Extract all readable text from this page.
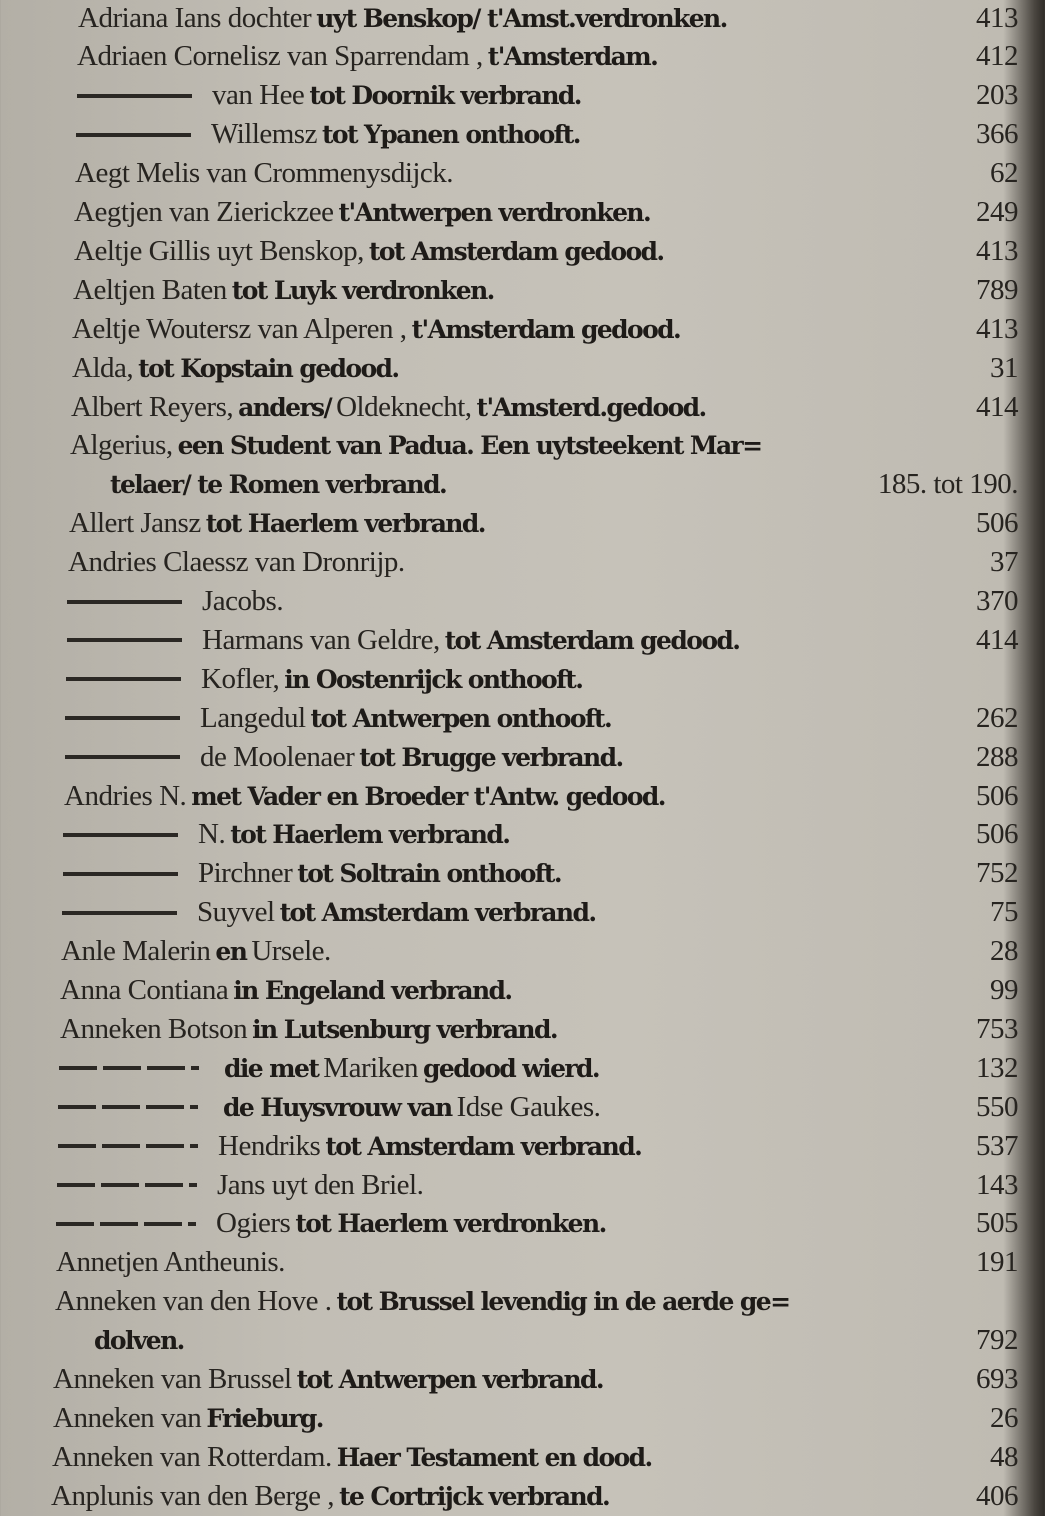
Adriana Ians dochter uyt Benskop/ t'Amst.verdronken.	413
Adriaen Cornelisz van Sparrendam , t'Amsterdam.	412
van Hee tot Doornik verbrand.	203
Willemsz tot Ypanen onthooft.	366
Aegt Melis van Crommenysdijck.	62
Aegtjen van Zierickzee t'Antwerpen verdronken.	249
Aeltje Gillis uyt Benskop, tot Amsterdam gedood.	413
Aeltjen Baten tot Luyk verdronken.	789
Aeltje Woutersz van Alperen , t'Amsterdam gedood.	413
Alda, tot Kopstain gedood.	31
Albert Reyers, anders/ Oldeknecht, t'Amsterd.gedood.	414
Algerius, een Student van Padua. Een uytsteekent Mar=
telaer/ te Romen verbrand.	185. tot 190.
Allert Jansz tot Haerlem verbrand.	506
Andries Claessz van Dronrijp.	37
Jacobs.	370
Harmans van Geldre, tot Amsterdam gedood.	414
Kofler, in Oostenrijck onthooft.
Langedul tot Antwerpen onthooft.	262
de Moolenaer tot Brugge verbrand.	288
Andries N. met Vader en Broeder t'Antw. gedood.	506
N. tot Haerlem verbrand.	506
Pirchner tot Soltrain onthooft.	752
Suyvel tot Amsterdam verbrand.	75
Anle Malerin en Ursele.	28
Anna Contiana in Engeland verbrand.	99
Anneken Botson in Lutsenburg verbrand.	753
die met Mariken gedood wierd.	132
de Huysvrouw van Idse Gaukes.	550
Hendriks tot Amsterdam verbrand.	537
Jans uyt den Briel.	143
Ogiers tot Haerlem verdronken.	505
Annetjen Antheunis.	191
Anneken van den Hove . tot Brussel levendig in de aerde ge=
dolven.	792
Anneken van Brussel tot Antwerpen verbrand.	693
Anneken van Frieburg.	26
Anneken van Rotterdam. Haer Testament en dood.	48
Anplunis van den Berge , te Cortrijck verbrand.	406
